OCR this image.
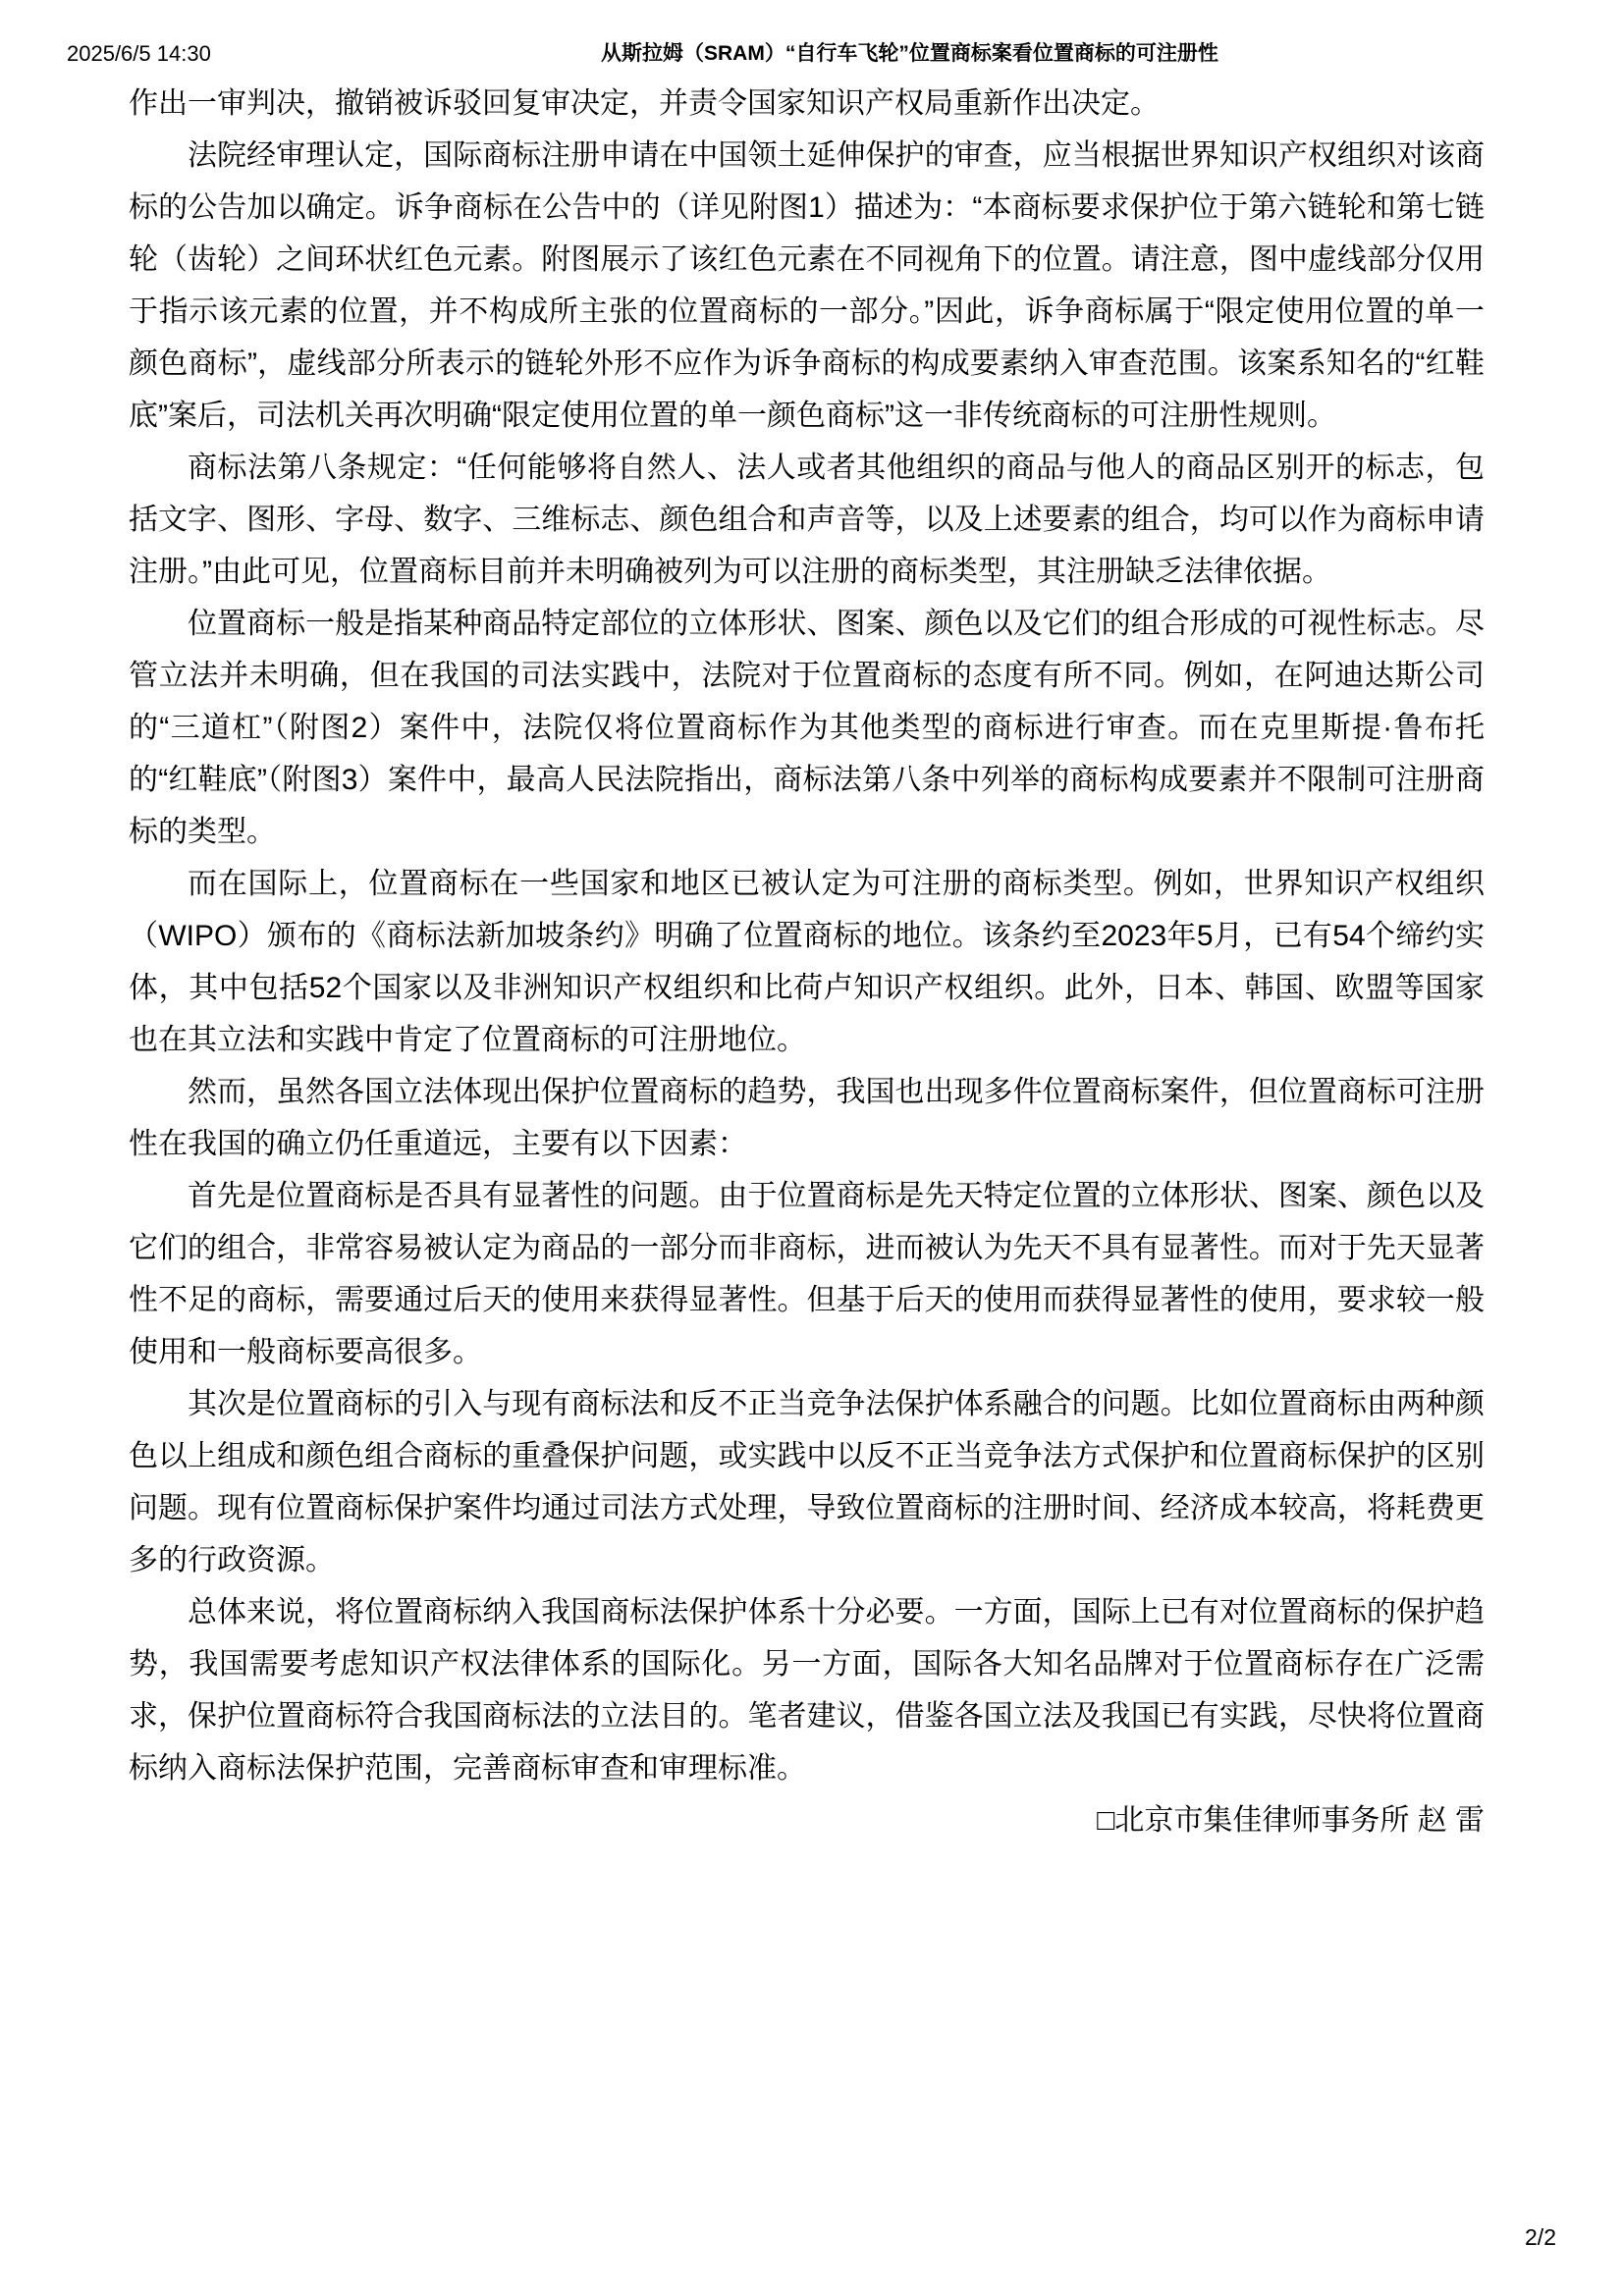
2025/6/5 14:30	从斯拉姆（SRAM）“自行车飞轮”位置商标案看位置商标的可注册性

作出一审判决，撤销被诉驳回复审决定，并责令国家知识产权局重新作出决定。

法院经审理认定，国际商标注册申请在中国领土延伸保护的审查，应当根据世界知识产权组织对该商标的公告加以确定。诉争商标在公告中的（详见附图1）描述为：“本商标要求保护位于第六链轮和第七链轮（齿轮）之间环状红色元素。附图展示了该红色元素在不同视角下的位置。请注意，图中虚线部分仅用于指示该元素的位置，并不构成所主张的位置商标的一部分。”因此，诉争商标属于“限定使用位置的单一颜色商标”，虚线部分所表示的链轮外形不应作为诉争商标的构成要素纳入审查范围。该案系知名的“红鞋底”案后，司法机关再次明确“限定使用位置的单一颜色商标”这一非传统商标的可注册性规则。

商标法第八条规定：“任何能够将自然人、法人或者其他组织的商品与他人的商品区别开的标志，包括文字、图形、字母、数字、三维标志、颜色组合和声音等，以及上述要素的组合，均可以作为商标申请注册。”由此可见，位置商标目前并未明确被列为可以注册的商标类型，其注册缺乏法律依据。

位置商标一般是指某种商品特定部位的立体形状、图案、颜色以及它们的组合形成的可视性标志。尽管立法并未明确，但在我国的司法实践中，法院对于位置商标的态度有所不同。例如，在阿迪达斯公司的“三道杠”（附图2）案件中，法院仅将位置商标作为其他类型的商标进行审查。而在克里斯提·鲁布托的“红鞋底”（附图3）案件中，最高人民法院指出，商标法第八条中列举的商标构成要素并不限制可注册商标的类型。

而在国际上，位置商标在一些国家和地区已被认定为可注册的商标类型。例如，世界知识产权组织（WIPO）颁布的《商标法新加坡条约》明确了位置商标的地位。该条约至2023年5月，已有54个缔约实体，其中包括52个国家以及非洲知识产权组织和比荷卢知识产权组织。此外，日本、韩国、欧盟等国家也在其立法和实践中肯定了位置商标的可注册地位。

然而，虽然各国立法体现出保护位置商标的趋势，我国也出现多件位置商标案件，但位置商标可注册性在我国的确立仍任重道远，主要有以下因素：

首先是位置商标是否具有显著性的问题。由于位置商标是先天特定位置的立体形状、图案、颜色以及它们的组合，非常容易被认定为商品的一部分而非商标，进而被认为先天不具有显著性。而对于先天显著性不足的商标，需要通过后天的使用来获得显著性。但基于后天的使用而获得显著性的使用，要求较一般使用和一般商标要高很多。

其次是位置商标的引入与现有商标法和反不正当竞争法保护体系融合的问题。比如位置商标由两种颜色以上组成和颜色组合商标的重叠保护问题，或实践中以反不正当竞争法方式保护和位置商标保护的区别问题。现有位置商标保护案件均通过司法方式处理，导致位置商标的注册时间、经济成本较高，将耗费更多的行政资源。

总体来说，将位置商标纳入我国商标法保护体系十分必要。一方面，国际上已有对位置商标的保护趋势，我国需要考虑知识产权法律体系的国际化。另一方面，国际各大知名品牌对于位置商标存在广泛需求，保护位置商标符合我国商标法的立法目的。笔者建议，借鉴各国立法及我国已有实践，尽快将位置商标纳入商标法保护范围，完善商标审查和审理标准。

□北京市集佳律师事务所 赵 雷

2/2
